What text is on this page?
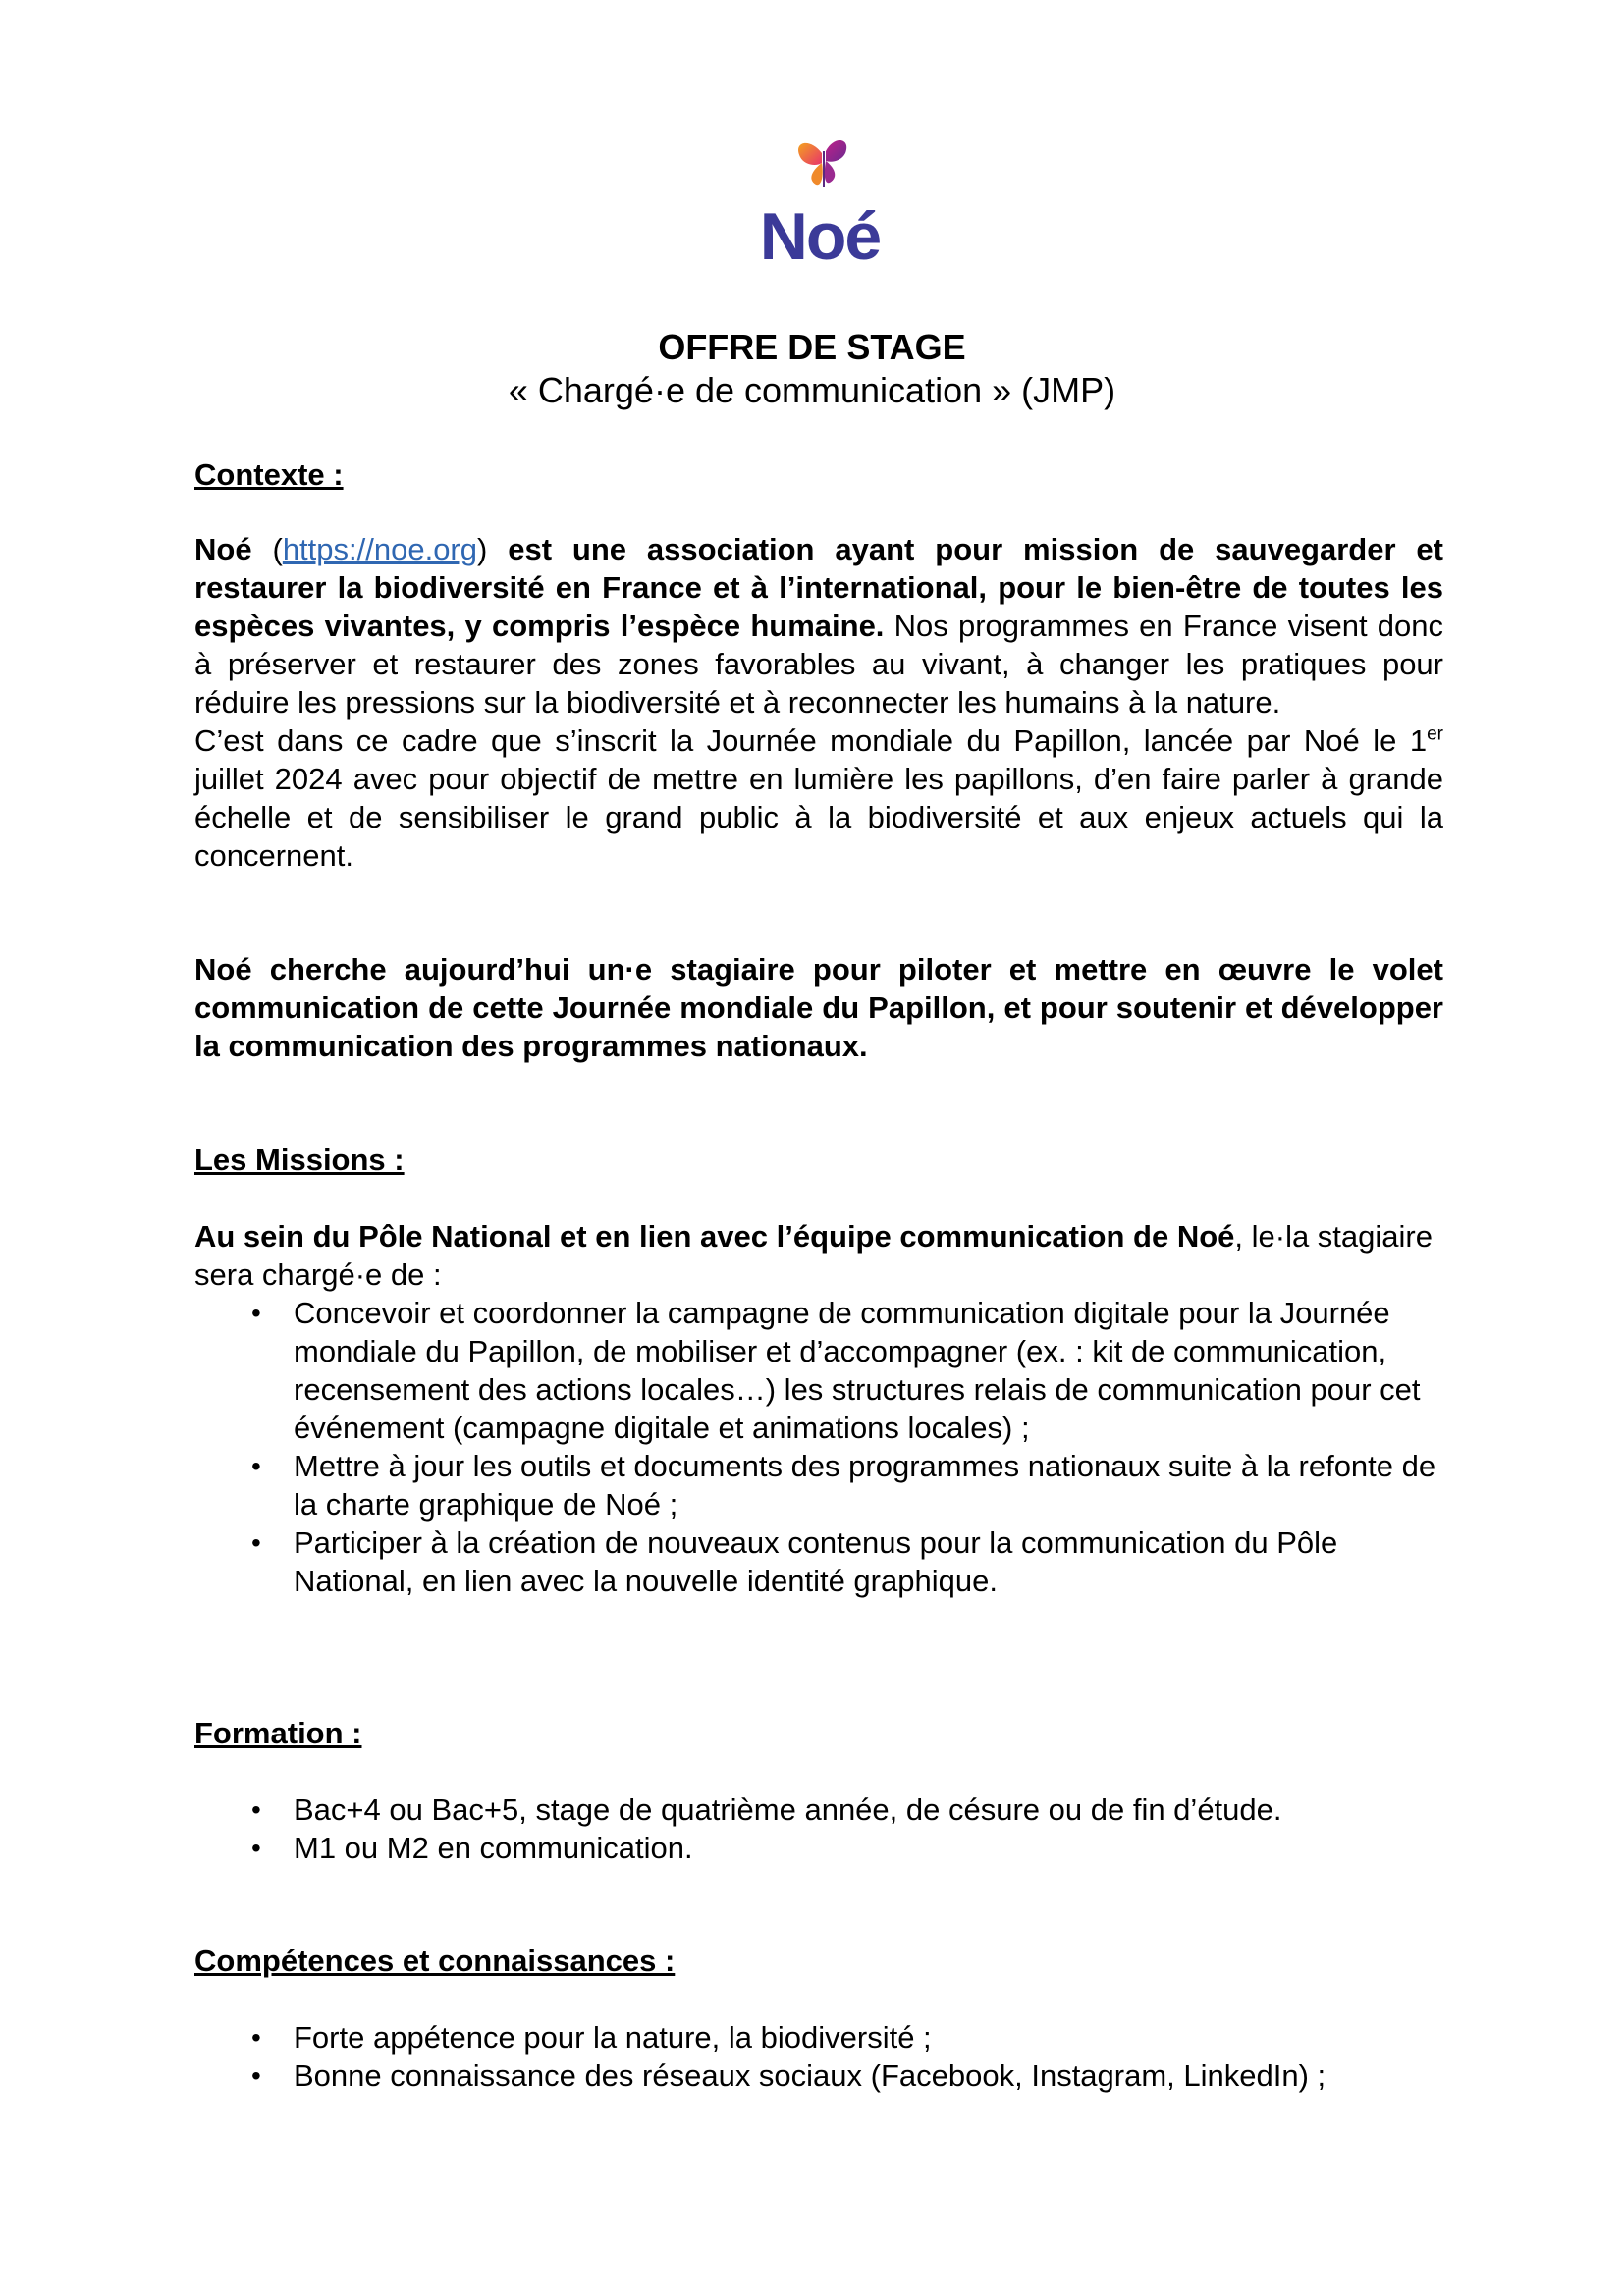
Noé
OFFRE DE STAGE
« Chargé·e de communication » (JMP)

Contexte :

Noé (https://noe.org) est une association ayant pour mission de sauvegarder et restaurer la biodiversité en France et à l’international, pour le bien-être de toutes les espèces vivantes, y compris l’espèce humaine. Nos programmes en France visent donc à préserver et restaurer des zones favorables au vivant, à changer les pratiques pour réduire les pressions sur la biodiversité et à reconnecter les humains à la nature.

C’est dans ce cadre que s’inscrit la Journée mondiale du Papillon, lancée par Noé le 1er juillet 2024 avec pour objectif de mettre en lumière les papillons, d’en faire parler à grande échelle et de sensibiliser le grand public à la biodiversité et aux enjeux actuels qui la concernent.

Noé cherche aujourd’hui un·e stagiaire pour piloter et mettre en œuvre le volet communication de cette Journée mondiale du Papillon, et pour soutenir et développer la communication des programmes nationaux.

Les Missions :

Au sein du Pôle National et en lien avec l’équipe communication de Noé, le·la stagiaire sera chargé·e de :

• Concevoir et coordonner la campagne de communication digitale pour la Journée mondiale du Papillon, de mobiliser et d’accompagner (ex. : kit de communication, recensement des actions locales…) les structures relais de communication pour cet événement (campagne digitale et animations locales) ;
• Mettre à jour les outils et documents des programmes nationaux suite à la refonte de la charte graphique de Noé ;
• Participer à la création de nouveaux contenus pour la communication du Pôle National, en lien avec la nouvelle identité graphique.

Formation :

• Bac+4 ou Bac+5, stage de quatrième année, de césure ou de fin d’étude.
• M1 ou M2 en communication.

Compétences et connaissances :

• Forte appétence pour la nature, la biodiversité ;
• Bonne connaissance des réseaux sociaux (Facebook, Instagram, LinkedIn) ;
